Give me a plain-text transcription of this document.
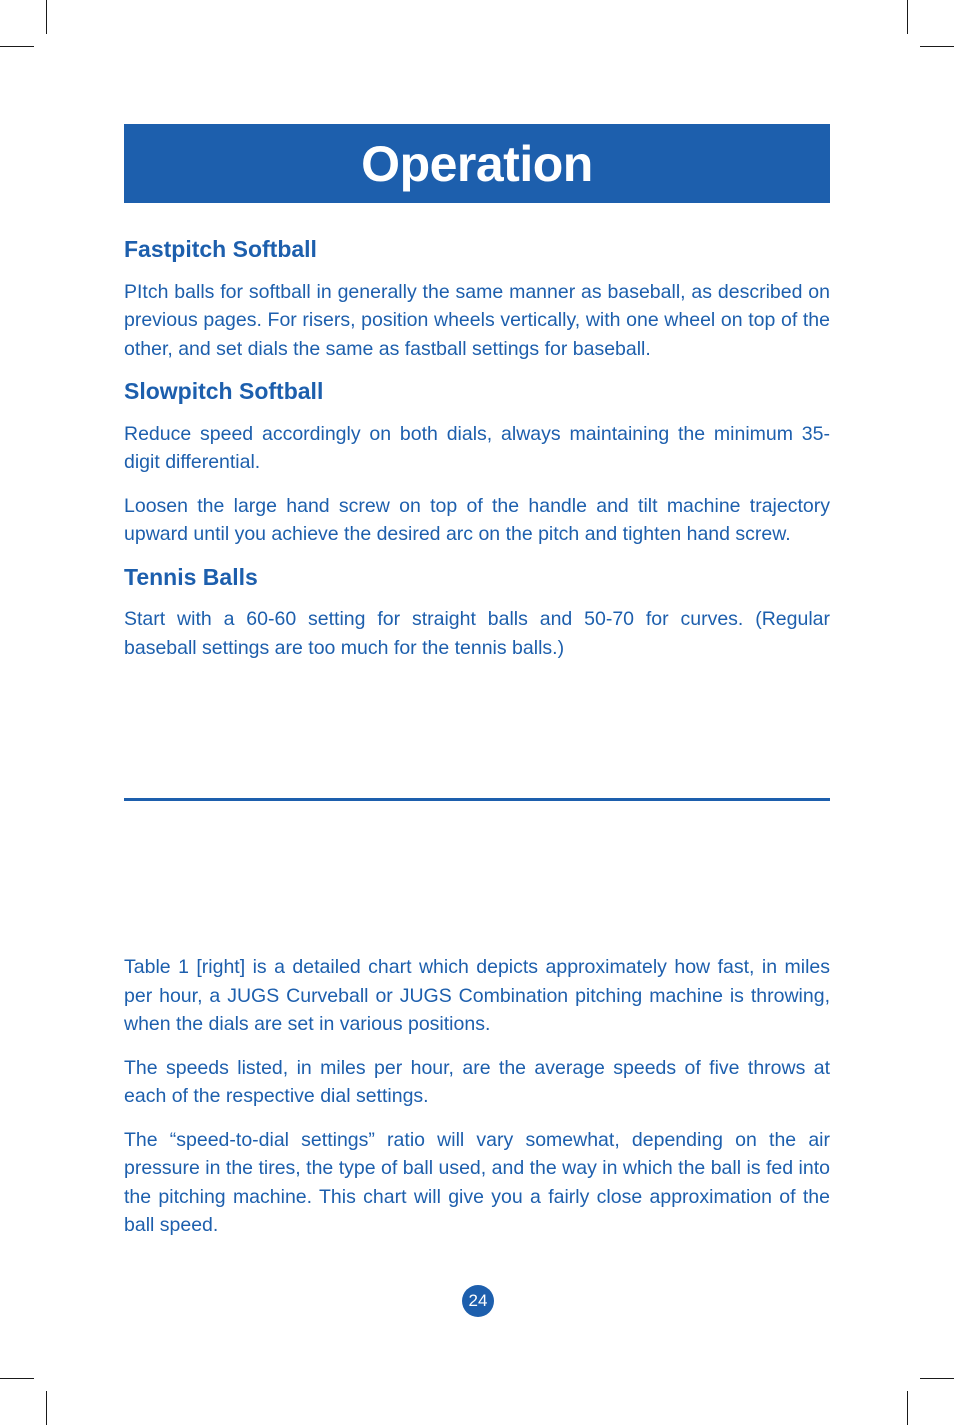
Operation
Fastpitch Softball

PItch balls for softball in generally the same manner as baseball, as described on previous pages. For risers, position wheels vertically, with one wheel on top of the other, and set dials the same as fastball settings for baseball.

Slowpitch Softball

Reduce speed accordingly on both dials, always maintaining the minimum 35-digit differential.

Loosen the large hand screw on top of the handle and tilt machine trajectory upward until you achieve the desired arc on the pitch and tighten hand screw.

Tennis Balls

Start with a 60-60 setting for straight balls and 50-70 for curves. (Regular baseball settings are too much for the tennis balls.)

Table 1 [right] is a detailed chart which depicts approximately how fast, in miles per hour, a JUGS Curveball or JUGS Combination pitching machine is throwing, when the dials are set in various positions.

The speeds listed, in miles per hour, are the average speeds of five throws at each of the respective dial settings.

The “speed-to-dial settings” ratio will vary somewhat, depending on the air pressure in the tires, the type of ball used, and the way in which the ball is fed into the pitching machine. This chart will give you a fairly close approximation of the ball speed.

24
